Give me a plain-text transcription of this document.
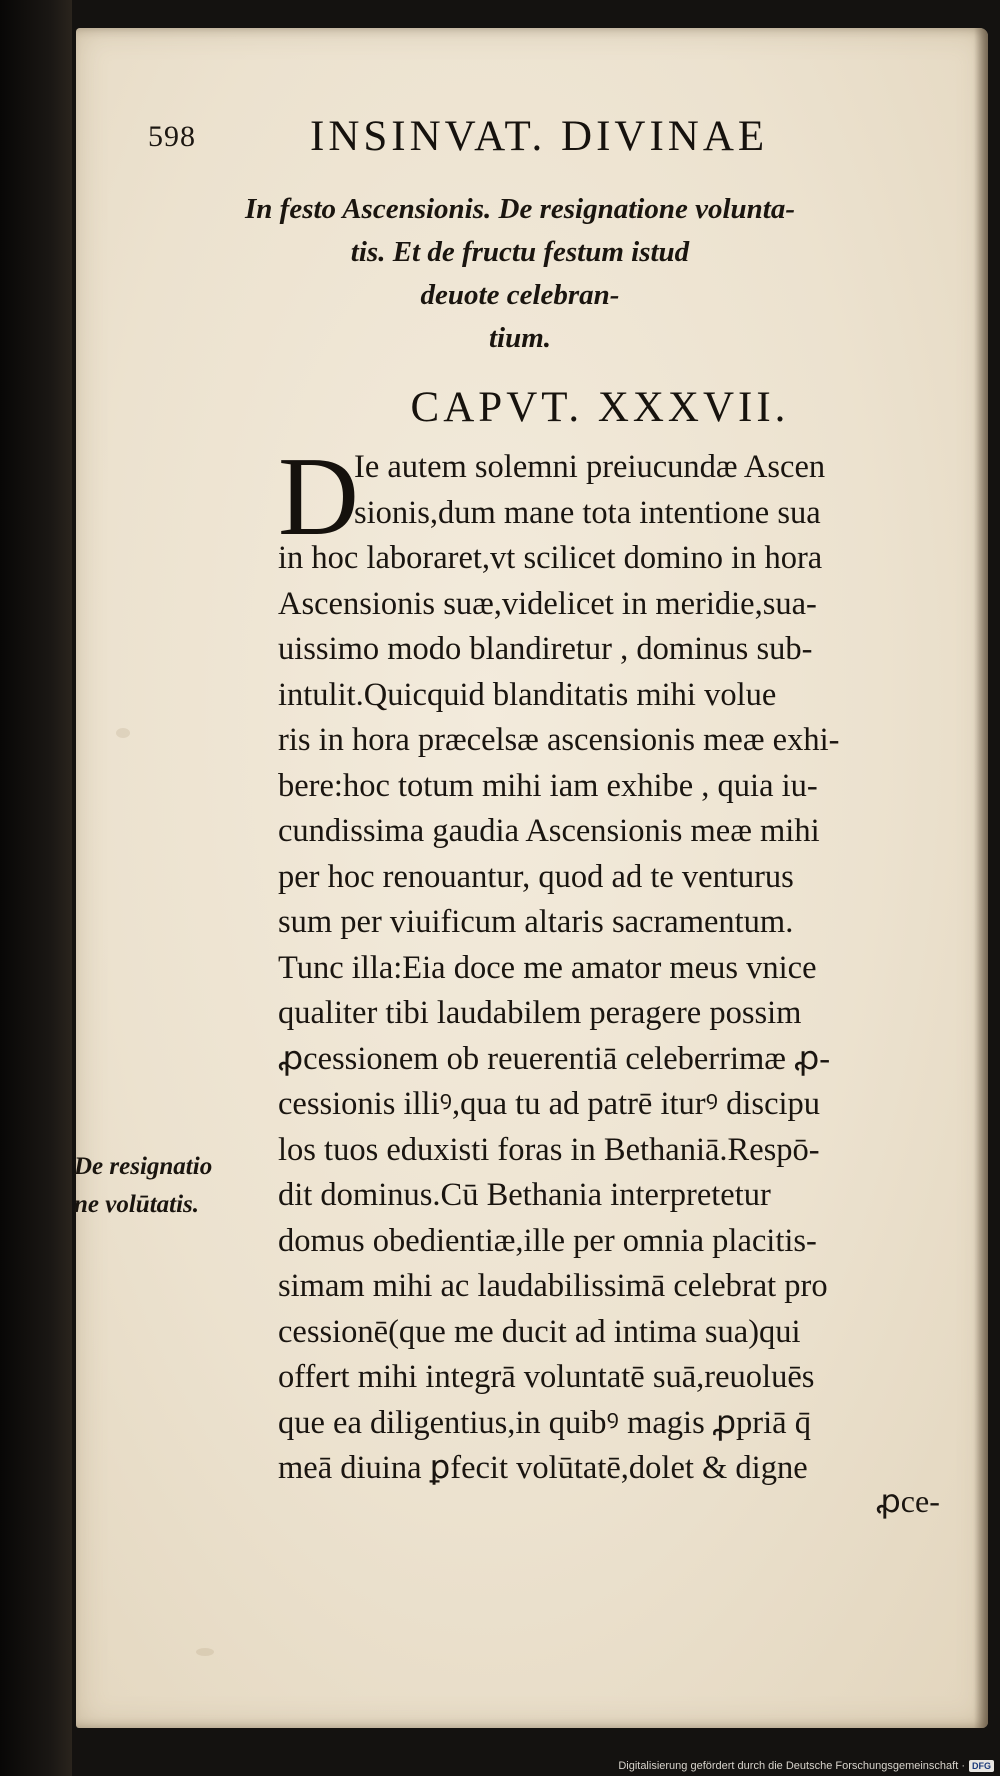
598	INSINVAT. DIVINAE
In festo Ascensionis. De resignatione volunta-
tis. Et de fructu festum istud
deuote celebran-
tium.
CAPVT. XXXVII.
D
Ie autem solemni preiucundæ Ascen
sionis,dum mane tota intentione sua
in hoc laboraret,vt scilicet domino in hora
Ascensionis suæ,videlicet in meridie,sua-
uissimo modo blandiretur , dominus sub-
intulit.Quicquid blanditatis mihi volue
ris in hora præcelsæ ascensionis meæ exhi-
bere:hoc totum mihi iam exhibe , quia iu-
cundissima gaudia Ascensionis meæ mihi
per hoc renouantur, quod ad te venturus
sum per viuificum altaris sacramentum.
Tunc illa:Eia doce me amator meus vnice
qualiter tibi laudabilem peragere possim
ꝓcessionem ob reuerentiā celeberrimæ ꝓ-
cessionis illiꝰ,qua tu ad patrē iturꝰ discipu
los tuos eduxisti foras in Bethaniā.Respō-
dit dominus.Cū Bethania interpretetur
domus obedientiæ,ille per omnia placitis-
simam mihi ac laudabilissimā celebrat pro
cessionē(que me ducit ad intima sua)qui
offert mihi integrā voluntatē suā,reuoluēs
que ea diligentius,in quibꝰ magis ꝓpriā q̄
meā diuina ꝑfecit volūtatē,dolet & digne
De resignatio
ne volūtatis.
ꝓce-
Digitalisierung gefördert durch die Deutsche Forschungsgemeinschaft · DFG
